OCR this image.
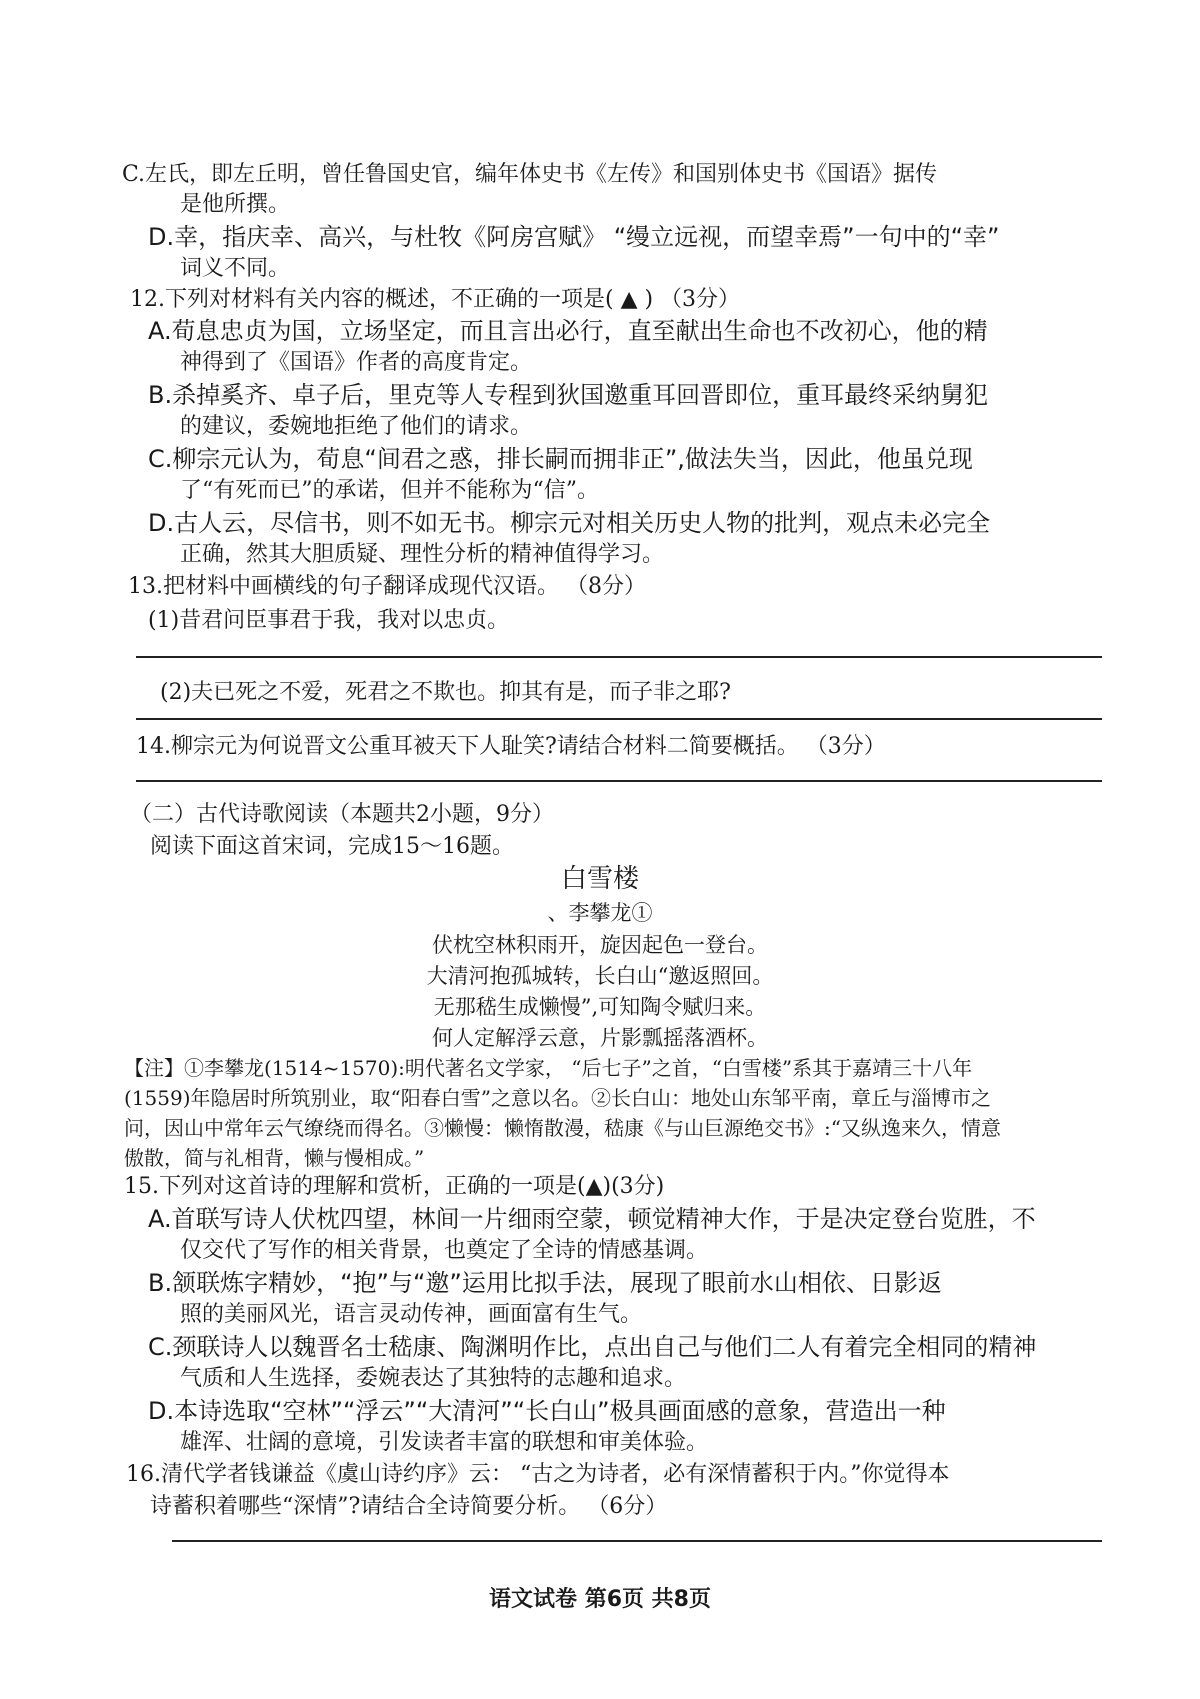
C.左氏，即左丘明，曾任鲁国史官，编年体史书《左传》和国别体史书《国语》据传
是他所撰。
D.幸，指庆幸、高兴，与杜牧《阿房宫赋》 “缦立远视，而望幸焉”一句中的“幸”
词义不同。
12.下列对材料有关内容的概述，不正确的一项是( ▲ ) （3分）
A.荀息忠贞为国，立场坚定，而且言出必行，直至献出生命也不改初心，他的精
神得到了《国语》作者的高度肯定。
B.杀掉奚齐、卓子后，里克等人专程到狄国邀重耳回晋即位，重耳最终采纳舅犯
的建议，委婉地拒绝了他们的请求。
C.柳宗元认为，荀息“间君之惑，排长嗣而拥非正”,做法失当，因此，他虽兑现
了“有死而已”的承诺，但并不能称为“信”。
D.古人云，尽信书，则不如无书。柳宗元对相关历史人物的批判，观点未必完全
正确，然其大胆质疑、理性分析的精神值得学习。
13.把材料中画横线的句子翻译成现代汉语。 （8分）
(1)昔君问臣事君于我，我对以忠贞。
(2)夫已死之不爱，死君之不欺也。抑其有是，而子非之耶?
14.柳宗元为何说晋文公重耳被天下人耻笑?请结合材料二简要概括。 （3分）
（二）古代诗歌阅读（本题共2小题，9分）
阅读下面这首宋词，完成15～16题。
白雪楼
、李攀龙①
伏枕空林积雨开，旋因起色一登台。
大清河抱孤城转，长白山“邀返照回。
无那嵇生成懒慢”,可知陶令赋归来。
何人定解浮云意，片影瓢摇落酒杯。
【注】①李攀龙(1514~1570):明代著名文学家， “后七子”之首，“白雪楼”系其于嘉靖三十八年
(1559)年隐居时所筑别业，取“阳春白雪”之意以名。②长白山：地处山东邹平南，章丘与淄博市之
问，因山中常年云气缭绕而得名。③懒慢：懒惰散漫，嵇康《与山巨源绝交书》:“又纵逸来久，情意
傲散，简与礼相背，懒与慢相成。”
15.下列对这首诗的理解和赏析，正确的一项是(▲)(3分)
A.首联写诗人伏枕四望，林间一片细雨空蒙，顿觉精神大作，于是决定登台览胜，不
仅交代了写作的相关背景，也奠定了全诗的情感基调。
B.颔联炼字精妙，“抱”与“邀”运用比拟手法，展现了眼前水山相依、日影返
照的美丽风光，语言灵动传神，画面富有生气。
C.颈联诗人以魏晋名士嵇康、陶渊明作比，点出自己与他们二人有着完全相同的精神
气质和人生选择，委婉表达了其独特的志趣和追求。
D.本诗选取“空林”“浮云”“大清河”“长白山”极具画面感的意象，营造出一种
雄浑、壮阔的意境，引发读者丰富的联想和审美体验。
16.清代学者钱谦益《虞山诗约序》云： “古之为诗者，必有深情蓄积于内。”你觉得本
诗蓄积着哪些“深情”?请结合全诗简要分析。 （6分）
语文试卷 第6页 共8页
